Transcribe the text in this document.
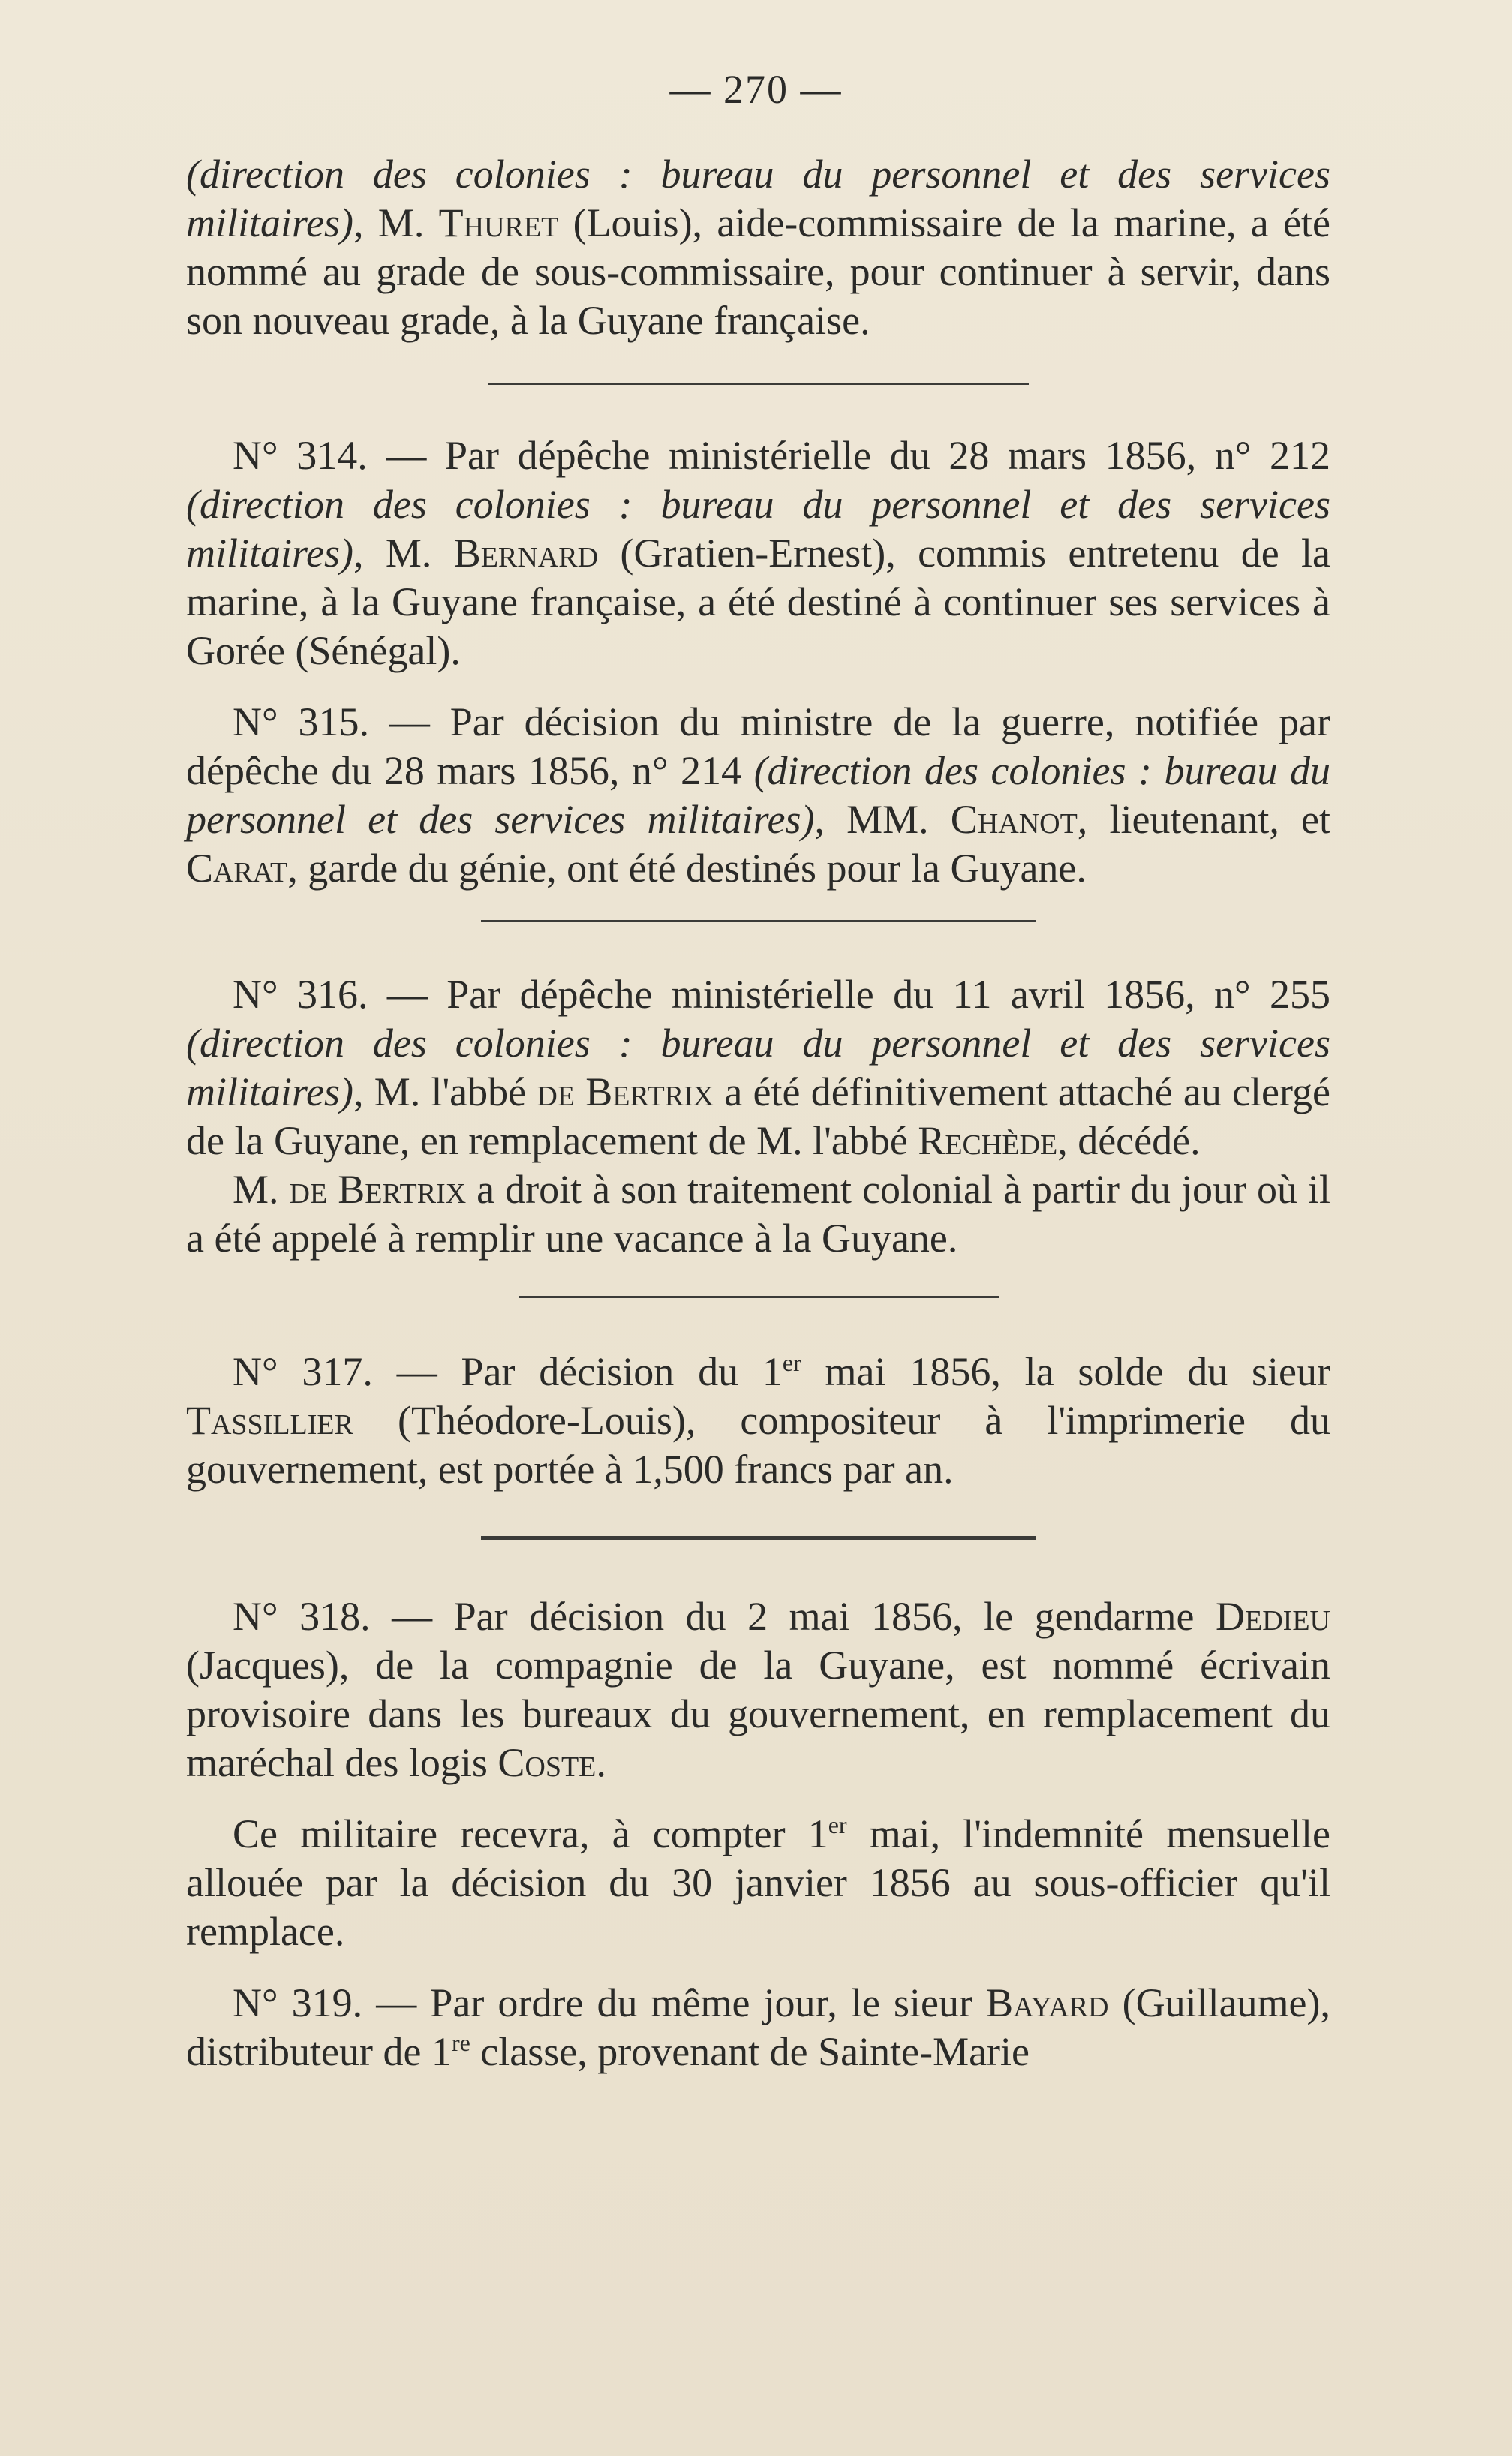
— 270 —

(direction des colonies : bureau du personnel et des services militaires), M. Thuret (Louis), aide-commissaire de la marine, a été nommé au grade de sous-commissaire, pour continuer à servir, dans son nouveau grade, à la Guyane française.

N° 314. — Par dépêche ministérielle du 28 mars 1856, n° 212 (direction des colonies : bureau du personnel et des services militaires), M. Bernard (Gratien-Ernest), commis entretenu de la marine, à la Guyane française, a été destiné à continuer ses services à Gorée (Sénégal).

N° 315. — Par décision du ministre de la guerre, notifiée par dépêche du 28 mars 1856, n° 214 (direction des colonies : bureau du personnel et des services militaires), MM. Chanot, lieutenant, et Carat, garde du génie, ont été destinés pour la Guyane.

N° 316. — Par dépêche ministérielle du 11 avril 1856, n° 255 (direction des colonies : bureau du personnel et des services militaires), M. l'abbé de Bertrix a été définitivement attaché au clergé de la Guyane, en remplacement de M. l'abbé Rechède, décédé.

M. de Bertrix a droit à son traitement colonial à partir du jour où il a été appelé à remplir une vacance à la Guyane.

N° 317. — Par décision du 1er mai 1856, la solde du sieur Tassillier (Théodore-Louis), compositeur à l'imprimerie du gouvernement, est portée à 1,500 francs par an.

N° 318. — Par décision du 2 mai 1856, le gendarme Dedieu (Jacques), de la compagnie de la Guyane, est nommé écrivain provisoire dans les bureaux du gouvernement, en remplacement du maréchal des logis Coste.

Ce militaire recevra, à compter 1er mai, l'indemnité mensuelle allouée par la décision du 30 janvier 1856 au sous-officier qu'il remplace.

N° 319. — Par ordre du même jour, le sieur Bayard (Guillaume), distributeur de 1re classe, provenant de Sainte-Marie
